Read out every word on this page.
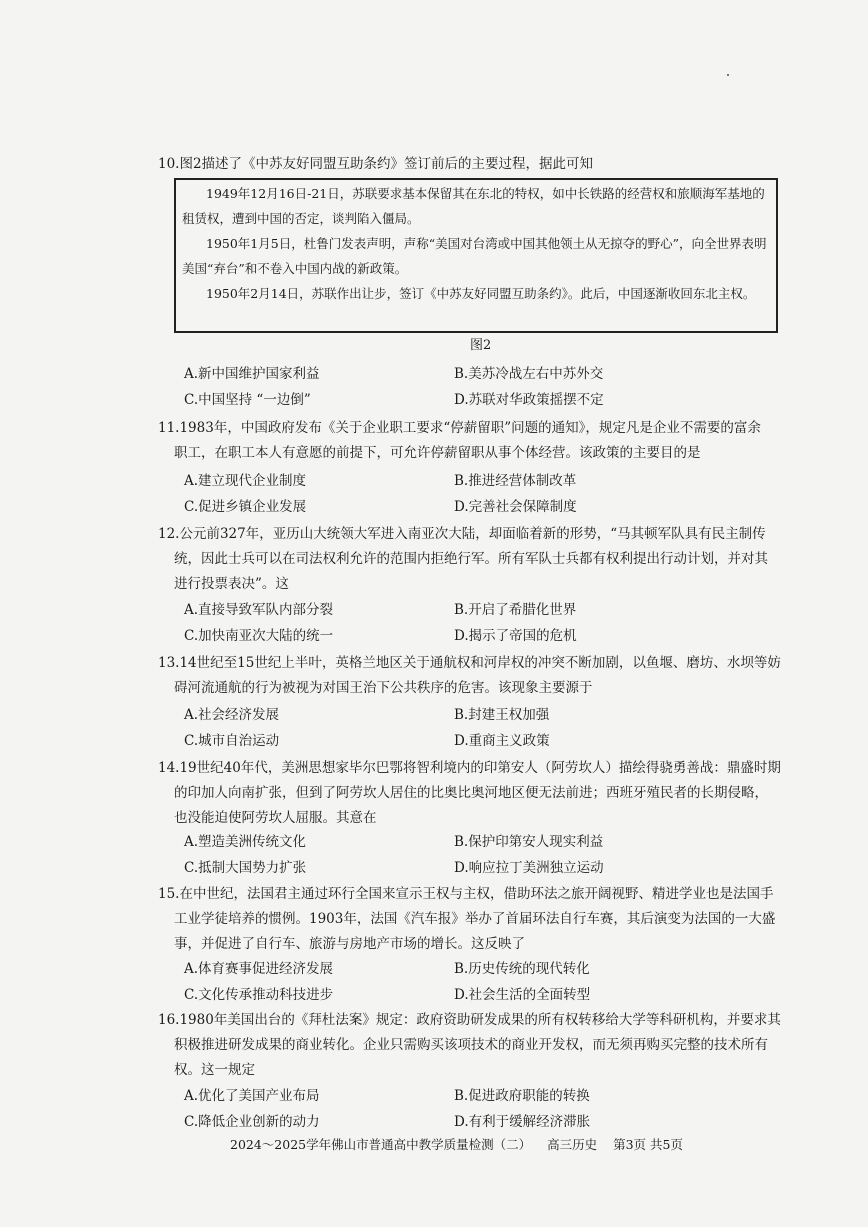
10.图2描述了《中苏友好同盟互助条约》签订前后的主要过程，据此可知

1949年12月16日-21日，苏联要求基本保留其在东北的特权，如中长铁路的经营权和旅顺海军基地的租赁权，遭到中国的否定，谈判陷入僵局。

1950年1月5日，杜鲁门发表声明，声称“美国对台湾或中国其他领土从无掠夺的野心”，向全世界表明美国“弃台”和不卷入中国内战的新政策。

1950年2月14日，苏联作出让步，签订《中苏友好同盟互助条约》。此后，中国逐渐收回东北主权。

图2
A.新中国维护国家利益	B.美苏冷战左右中苏外交
C.中国坚持 “一边倒”	D.苏联对华政策摇摆不定
11.1983年，中国政府发布《关于企业职工要求“停薪留职”问题的通知》，规定凡是企业不需要的富余
职工，在职工本人有意愿的前提下，可允许停薪留职从事个体经营。该政策的主要目的是
A.建立现代企业制度	B.推进经营体制改革
C.促进乡镇企业发展	D.完善社会保障制度
12.公元前327年，亚历山大统领大军进入南亚次大陆，却面临着新的形势，“马其顿军队具有民主制传
统，因此士兵可以在司法权利允许的范围内拒绝行军。所有军队士兵都有权利提出行动计划，并对其
进行投票表决”。这
A.直接导致军队内部分裂	B.开启了希腊化世界
C.加快南亚次大陆的统一	D.揭示了帝国的危机
13.14世纪至15世纪上半叶，英格兰地区关于通航权和河岸权的冲突不断加剧，以鱼堰、磨坊、水坝等妨
碍河流通航的行为被视为对国王治下公共秩序的危害。该现象主要源于
A.社会经济发展	B.封建王权加强
C.城市自治运动	D.重商主义政策
14.19世纪40年代，美洲思想家毕尔巴鄂将智利境内的印第安人（阿劳坎人）描绘得骁勇善战：鼎盛时期
的印加人向南扩张，但到了阿劳坎人居住的比奥比奥河地区便无法前进；西班牙殖民者的长期侵略，
也没能迫使阿劳坎人屈服。其意在
A.塑造美洲传统文化	B.保护印第安人现实利益
C.抵制大国势力扩张	D.响应拉丁美洲独立运动
15.在中世纪，法国君主通过环行全国来宣示王权与主权，借助环法之旅开阔视野、精进学业也是法国手
工业学徒培养的惯例。1903年，法国《汽车报》举办了首届环法自行车赛，其后演变为法国的一大盛
事，并促进了自行车、旅游与房地产市场的增长。这反映了
A.体育赛事促进经济发展	B.历史传统的现代转化
C.文化传承推动科技进步	D.社会生活的全面转型
16.1980年美国出台的《拜杜法案》规定：政府资助研发成果的所有权转移给大学等科研机构，并要求其
积极推进研发成果的商业转化。企业只需购买该项技术的商业开发权，而无须再购买完整的技术所有
权。这一规定
A.优化了美国产业布局	B.促进政府职能的转换
C.降低企业创新的动力	D.有利于缓解经济滞胀
2024～2025学年佛山市普通高中教学质量检测（二） 高三历史 第3页 共5页
